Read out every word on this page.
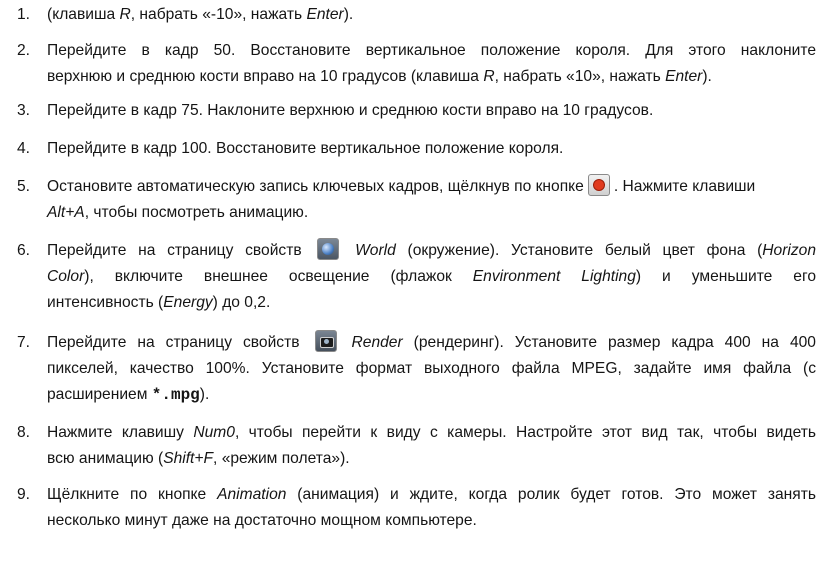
1.	(клавиша R, набрать «-10», нажать Enter).
2.	Перейдите в кадр 50. Восстановите вертикальное положение короля. Для этого наклоните
верхнюю и среднюю кости вправо на 10 градусов (клавиша R, набрать «10», нажать Enter).
3.	Перейдите в кадр 75. Наклоните верхнюю и среднюю кости вправо на 10 градусов.
4.	Перейдите в кадр 100. Восстановите вертикальное положение короля.
5.	Остановите автоматическую запись ключевых кадров, щёлкнув по кнопке . Нажмите клавиши
Alt+A, чтобы посмотреть анимацию.
6.	Перейдите на страницу свойств	World (окружение). Установите белый цвет фона (Horizon
Color), включите внешнее освещение (флажок Environment Lighting) и уменьшите его
интенсивность (Energy) до 0,2.
7.	Перейдите на страницу свойств	Render (рендеринг). Установите размер кадра 400 на 400
пикселей, качество 100%. Установите формат выходного файла MPEG, задайте имя файла (с
расширением *.mpg).
8.	Нажмите клавишу Num0, чтобы перейти к виду с камеры. Настройте этот вид так, чтобы видеть
всю анимацию (Shift+F, «режим полета»).
9.	Щёлкните по кнопке Animation (анимация) и ждите, когда ролик будет готов. Это может занять
несколько минут даже на достаточно мощном компьютере.
